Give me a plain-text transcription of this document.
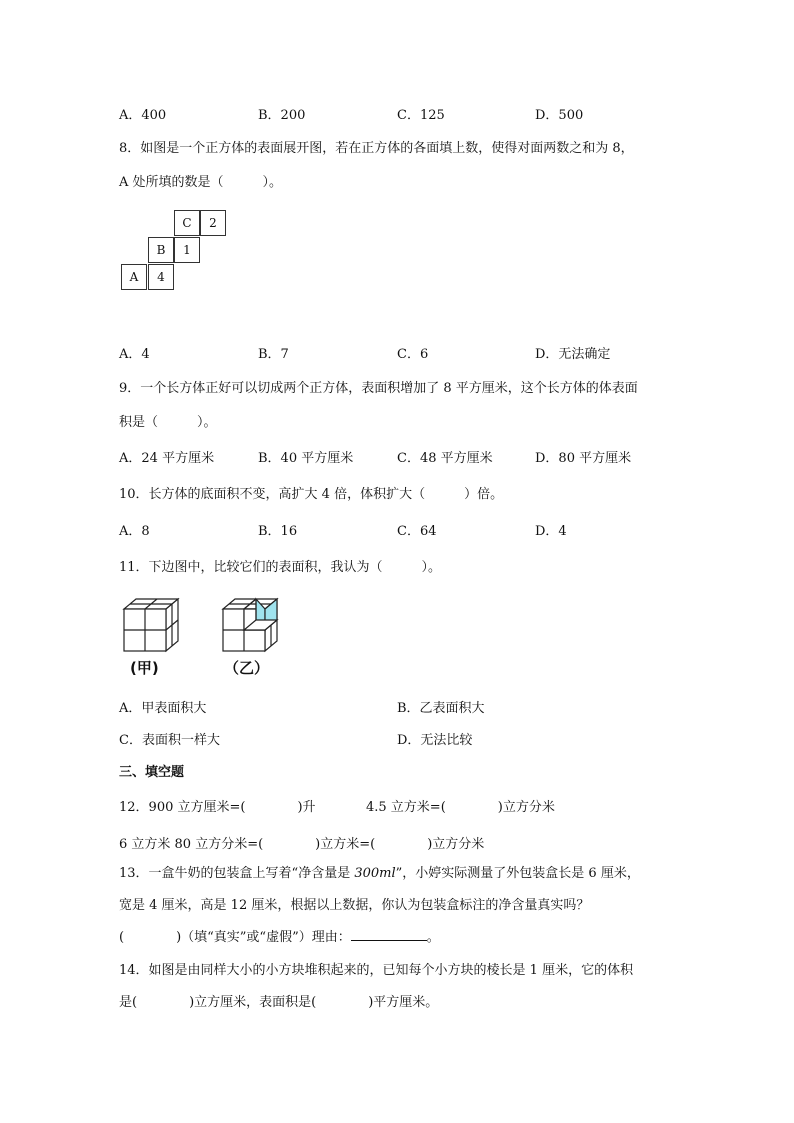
A．400	B．200	C．125	D．500
8．如图是一个正方体的表面展开图，若在正方体的各面填上数，使得对面两数之和为 8，
A 处所填的数是（　　　）。
C	2
B	1
A	4
A．4	B．7	C．6	D．无法确定
9．一个长方体正好可以切成两个正方体，表面积增加了 8 平方厘米，这个长方体的体表面
积是（　　　）。
A．24 平方厘米	B．40 平方厘米	C．48 平方厘米	D．80 平方厘米
10．长方体的底面积不变，高扩大 4 倍，体积扩大（　　　）倍。
A．8	B．16	C．64	D．4
11．下边图中，比较它们的表面积，我认为（　　　）。
(甲)	（乙）
A．甲表面积大	B．乙表面积大
C．表面积一样大	D．无法比较
三、填空题
12．900 立方厘米=(　　　　)升	4.5 立方米=(　　　　)立方分米
6 立方米 80 立方分米=(　　　　)立方米=(　　　　)立方分米
13．一盒牛奶的包装盒上写着“净含量是 300ml”，小婷实际测量了外包装盒长是 6 厘米，
宽是 4 厘米，高是 12 厘米，根据以上数据，你认为包装盒标注的净含量真实吗？
(　　　　)（填“真实”或“虚假”）理由：	。
14．如图是由同样大小的小方块堆积起来的，已知每个小方块的棱长是 1 厘米，它的体积
是(　　　　)立方厘米，表面积是(　　　　)平方厘米。
